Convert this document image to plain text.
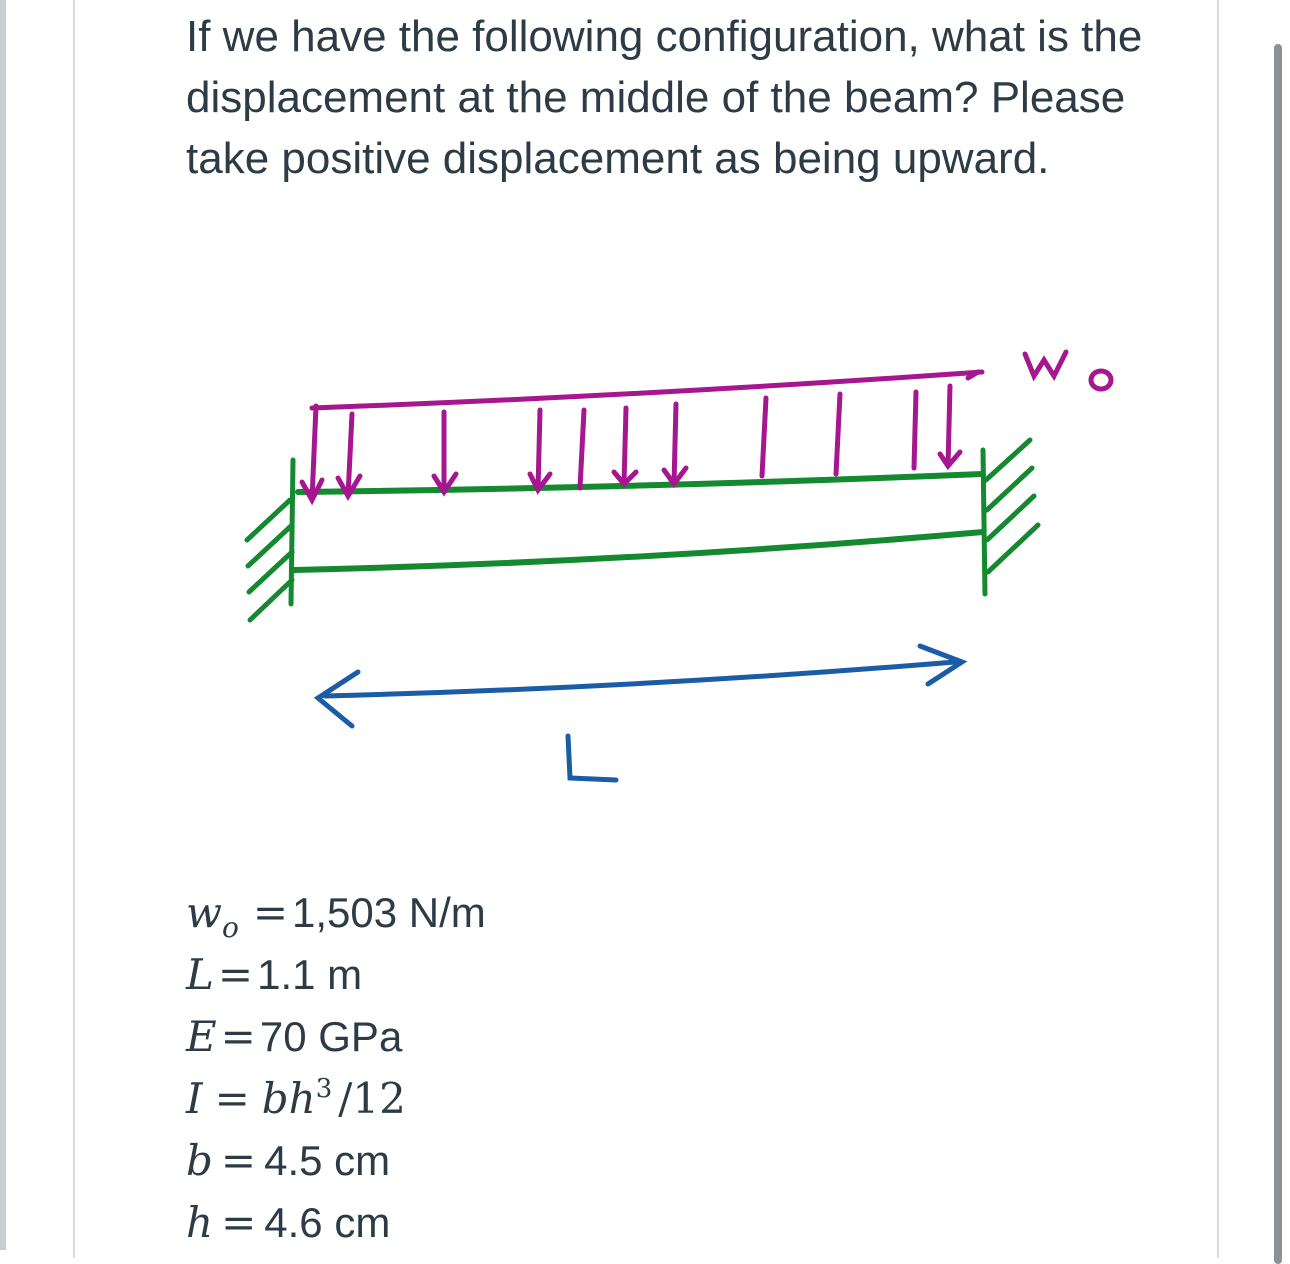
If we have the following configuration, what is the displacement at the middle of the beam? Please take positive displacement as being upward.

w o = 1,503 N/m
L = 1.1 m
E = 70 GPa
I = bh 3 /12
b = 4.5 cm
h = 4.6 cm
